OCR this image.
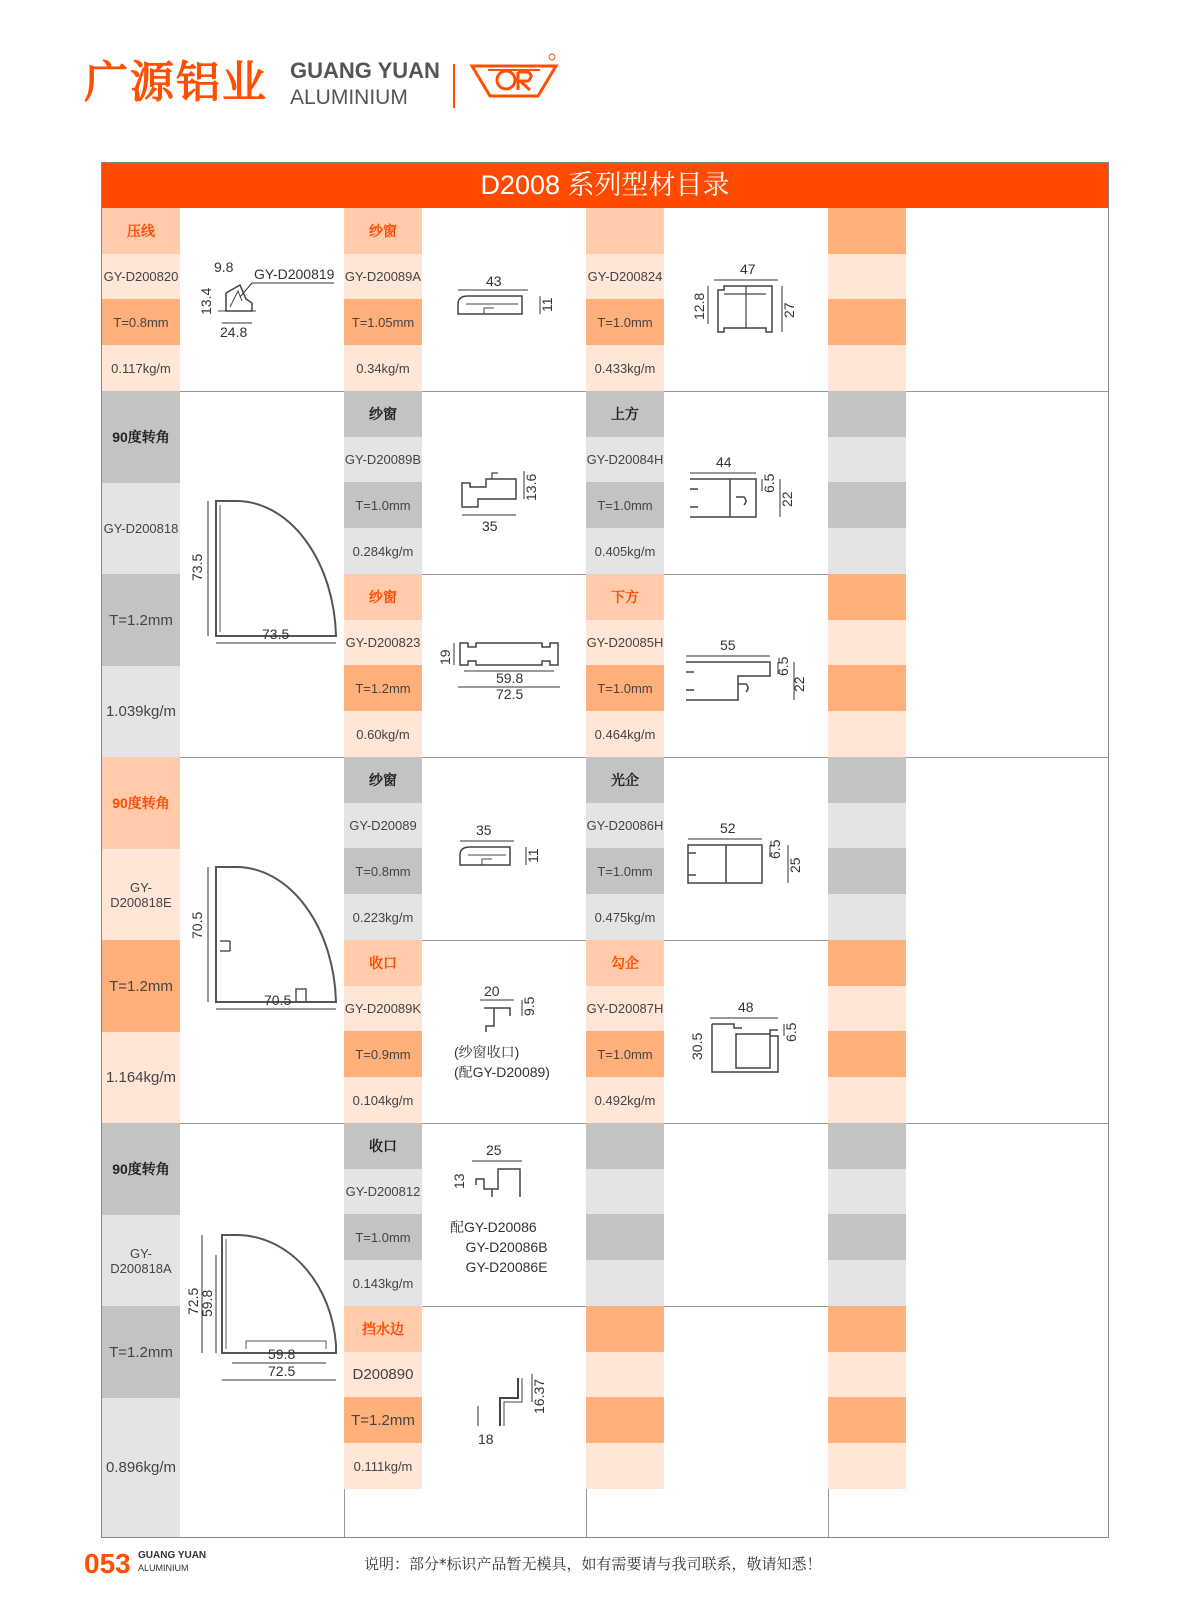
广源铝业 GUANG YUAN
ALUMINIUM
D2008 系列型材目录
压线
GY-D200820
T=0.8mm
0.117kg/m
9.8 GY-D200819
13.4
24.8
90度转角
GY-D200818
T=1.2mm
1.039kg/m
73.5
73.5
90度转角
GY-D200818E
T=1.2mm
1.164kg/m
70.5
70.5
90度转角
GY-D200818A
T=1.2mm
0.896kg/m
72.5
59.8
59.8
72.5
纱窗
GY-D20089A
T=1.05mm
0.34kg/m
43
11
纱窗
GY-D20089B
T=1.0mm
0.284kg/m
13.6
35
纱窗
GY-D200823
T=1.2mm
0.60kg/m
19
59.8
72.5
纱窗
GY-D20089
T=0.8mm
0.223kg/m
35
11
收口
GY-D20089K
T=0.9mm
0.104kg/m
20
9.5
(纱窗收口)
(配GY-D20089)
收口
GY-D200812
T=1.0mm
0.143kg/m
25
13
配GY-D20086
GY-D20086B
GY-D20086E
挡水边
D200890
T=1.2mm
0.111kg/m
16.37
18
GY-D200824
T=1.0mm
0.433kg/m
47
12.8	27
上方
GY-D20084H
T=1.0mm
0.405kg/m
44
6.5
22
下方
GY-D20085H
T=1.0mm
0.464kg/m
55
6.5
22
光企
GY-D20086H
T=1.0mm
0.475kg/m
52
6.5
25
勾企
GY-D20087H
T=1.0mm
0.492kg/m
48
30.5
6.5
053 GUANG YUAN
ALUMINIUM	说明：部分*标识产品暂无模具，如有需要请与我司联系，敬请知悉！
